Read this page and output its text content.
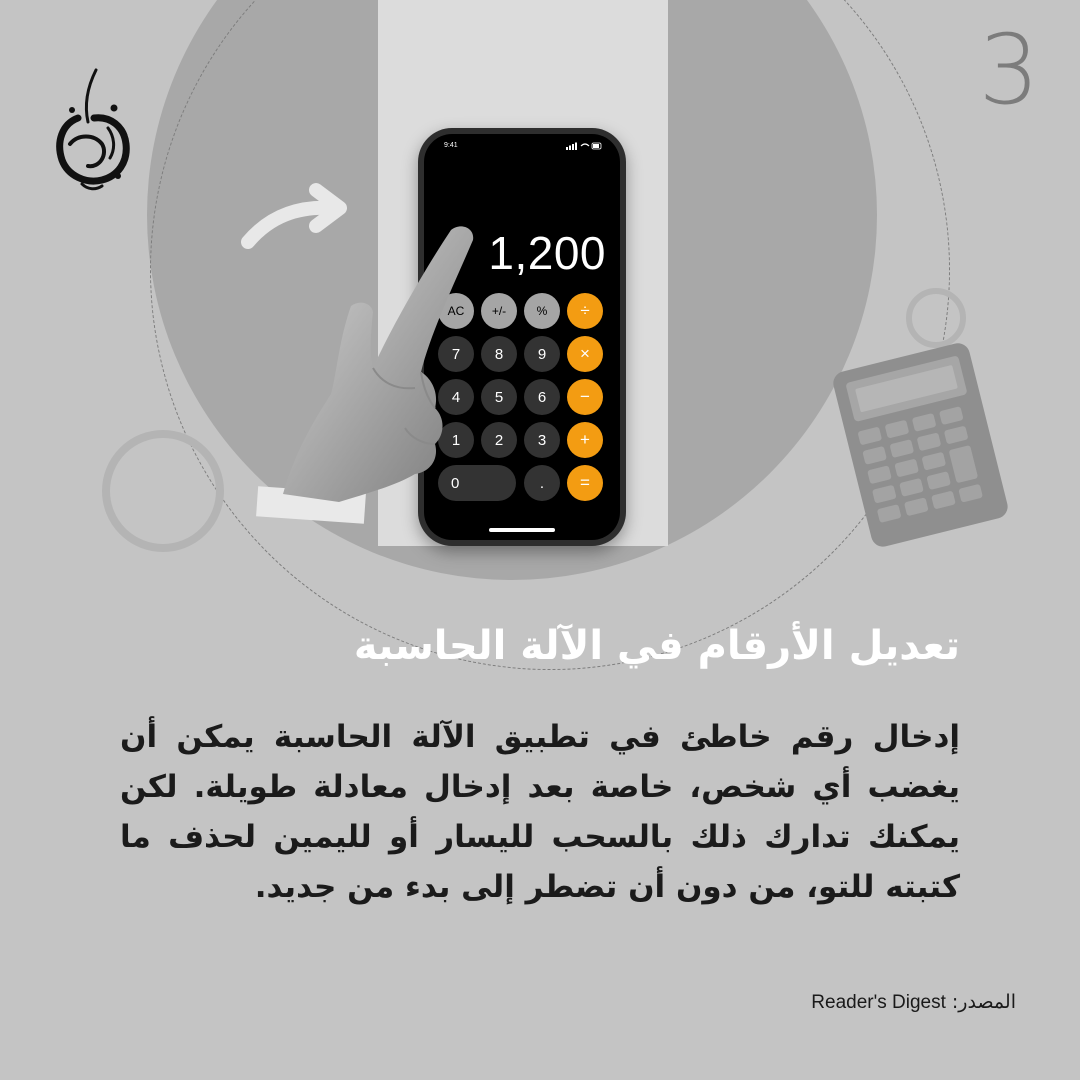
3
9:41
1,200
AC	+/-	%	÷
7	8	9	×
4	5	6	−
1	2	3	+
0	.	=
تعديل الأرقام في الآلة الحاسبة
إدخال رقم خاطئ في تطبيق الآلة الحاسبة يمكن أن يغضب أي شخص، خاصة بعد إدخال معادلة طويلة. لكن يمكنك تدارك ذلك بالسحب لليسار أو لليمين لحذف ما كتبته للتو، من دون أن تضطر إلى بدء من جديد.
المصدر: Reader's Digest
